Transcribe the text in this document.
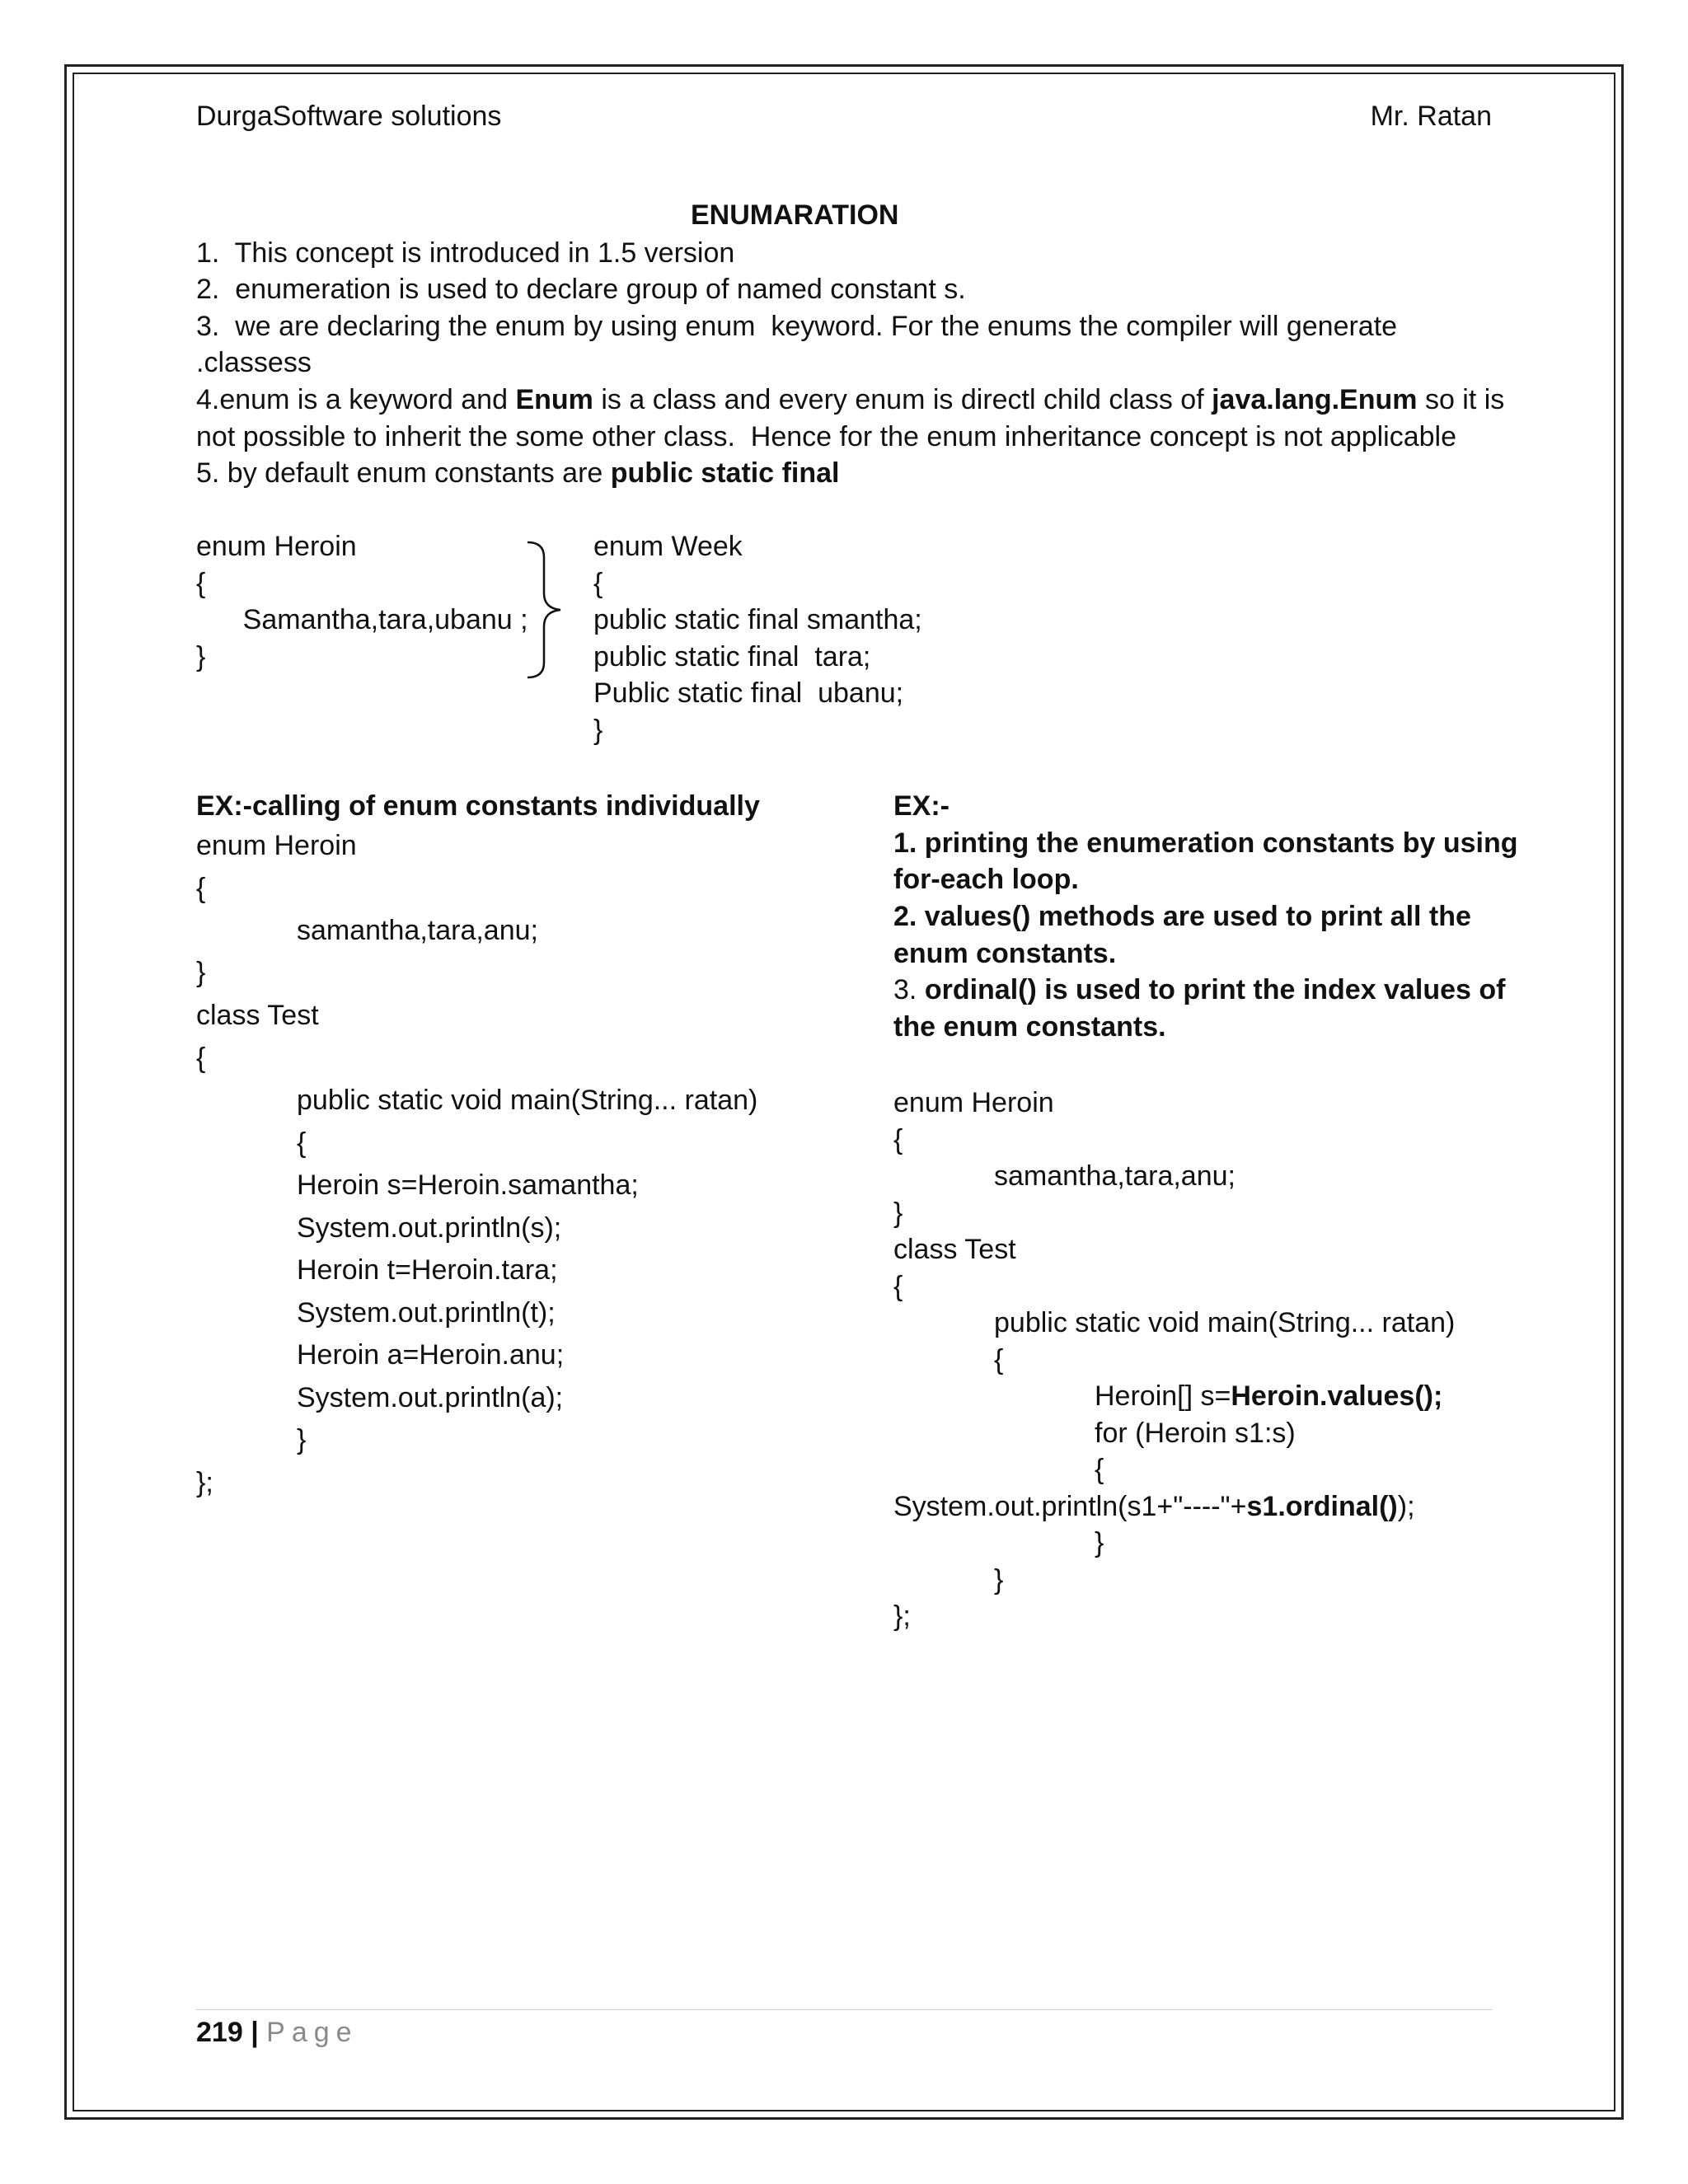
DurgaSoftware solutions	Mr. Ratan
ENUMARATION
1.  This concept is introduced in 1.5 version
2.  enumeration is used to declare group of named constant s.
3.  we are declaring the enum by using enum  keyword. For the enums the compiler will generate
.classess
4.enum is a keyword and Enum is a class and every enum is directl child class of java.lang.Enum so it is
not possible to inherit the some other class.  Hence for the enum inheritance concept is not applicable
5. by default enum constants are public static final
enum Heroin
{
Samantha,tara,ubanu ;
}
enum Week
{
public static final smantha;
public static final  tara;
Public static final  ubanu;
}
EX:-calling of enum constants individually
enum Heroin
{
samantha,tara,anu;
}
class Test
{
public static void main(String... ratan)
{
Heroin s=Heroin.samantha;
System.out.println(s);
Heroin t=Heroin.tara;
System.out.println(t);
Heroin a=Heroin.anu;
System.out.println(a);
}
};
EX:-
1. printing the enumeration constants by using
for-each loop.
2. values() methods are used to print all the
enum constants.
3. ordinal() is used to print the index values of
the enum constants.
enum Heroin
{
samantha,tara,anu;
}
class Test
{
public static void main(String... ratan)
{
Heroin[] s=Heroin.values();
for (Heroin s1:s)
{
System.out.println(s1+"----"+s1.ordinal());
}
}
};
219 | Page
